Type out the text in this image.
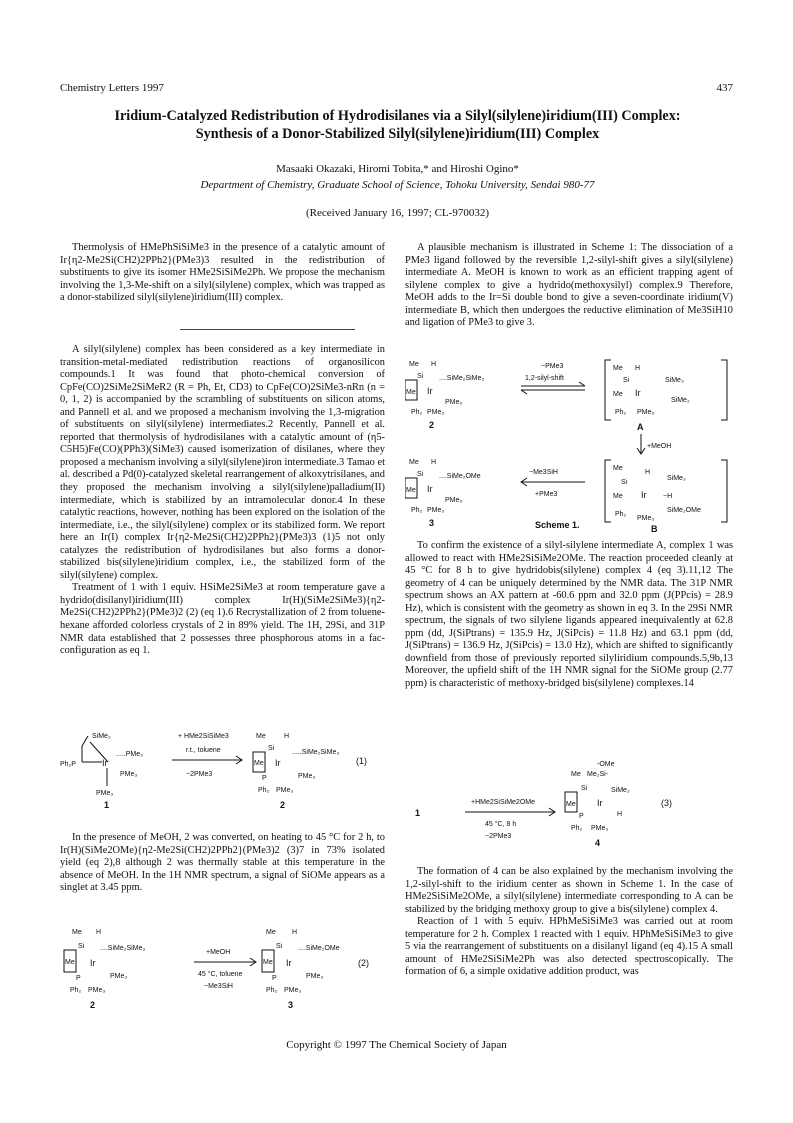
Chemistry Letters 1997	437
Iridium-Catalyzed Redistribution of Hydrodisilanes via a Silyl(silylene)iridium(III) Complex:
Synthesis of a Donor-Stabilized Silyl(silylene)iridium(III) Complex
Masaaki Okazaki, Hiromi Tobita,* and Hiroshi Ogino*
Department of Chemistry, Graduate School of Science, Tohoku University, Sendai 980-77
(Received January 16, 1997; CL-970032)

Thermolysis of HMePhSiSiMe3 in the presence of a catalytic amount of Ir{η2-Me2Si(CH2)2PPh2}(PMe3)3 resulted in the redistribution of substituents to give its isomer HMe2SiSiMe2Ph. We propose the mechanism involving the 1,3-Me-shift on a silyl(silylene) complex, which was trapped as a donor-stabilized silyl(silylene)iridium(III) complex.

A silyl(silylene) complex has been considered as a key intermediate in transition-metal-mediated redistribution reactions of organosilicon compounds.1 It was found that photo-chemical conversion of CpFe(CO)2SiMe2SiMeR2 (R = Ph, Et, CD3) to CpFe(CO)2SiMe3-nRn (n = 0, 1, 2) is accompanied by the scrambling of substituents on silicon atoms, and Pannell et al. and we proposed a mechanism involving the 1,3-migration of substituents on silyl(silylene) intermediates.2 Recently, Pannell et al. reported that thermolysis of hydrodisilanes with a catalytic amount of (η5-C5H5)Fe(CO)(PPh3)(SiMe3) caused isomerization of disilanes, where they proposed a mechanism involving a silyl(silylene)iron intermediate.3 Tamao et al. described a Pd(0)-catalyzed skeletal rearrangement of alkoxytrisilanes, and they proposed the mechanism involving a silyl(silylene)palladium(II) intermediate, which is stabilized by an intramolecular donor.4 In these catalytic reactions, however, nothing has been explored on the isolation of the intermediate, i.e., the silyl(silylene) complex or its stabilized form. We report here an Ir(I) complex Ir{η2-Me2Si(CH2)2PPh2}(PMe3)3 (1)5 not only catalyzes the redistribution of hydrodisilanes but also forms a donor-stabilized bis(silylene)iridium complex, i.e., the stabilized form of the silyl(silylene) complex.

Treatment of 1 with 1 equiv. HSiMe2SiMe3 at room temperature gave a hydrido(disilanyl)iridium(III) complex Ir(H)(SiMe2SiMe3){η2-Me2Si(CH2)2PPh2}(PMe3)2 (2) (eq 1).6 Recrystallization of 2 from toluene-hexane afforded colorless crystals of 2 in 89% yield. The 1H, 29Si, and 31P NMR data established that 2 possesses three phosphorous atoms in a fac-configuration as eq 1.

SiMe₂
Ph₂P	Ir
.....PMe₃
PMe₃
PMe₃
1
+ HMe2SiSiMe3
r.t., toluene
−2PMe3
Me	H
Si
Me Ir
.....SiMe₂SiMe₃
PMe₃
P
Ph₂ PMe₃
2
(1)

In the presence of MeOH, 2 was converted, on heating to 45 °C for 2 h, to Ir(H)(SiMe2OMe){η2-Me2Si(CH2)2PPh2}(PMe3)2 (3)7 in 73% isolated yield (eq 2),8 although 2 was thermally stable at this temperature in the absence of MeOH. In the 1H NMR spectrum, a signal of SiOMe appears as a singlet at 3.45 ppm.

Me H
Si
Me Ir
....SiMe₂SiMe₃
PMe₃
P
Ph₂ PMe₃
2
+MeOH
45 °C, toluene
−Me3SiH
Me H
Si
Me Ir
....SiMe₂OMe
PMe₃
P
Ph₂ PMe₃
3
(2)

A plausible mechanism is illustrated in Scheme 1: The dissociation of a PMe3 ligand followed by the reversible 1,2-silyl-shift gives a silyl(silylene) intermediate A. MeOH is known to work as an efficient trapping agent of silylene complex to give a hydrido(methoxysilyl) complex.9 Therefore, MeOH adds to the Ir=Si double bond to give a seven-coordinate iridium(V) intermediate B, which then undergoes the reductive elimination of Me3SiH10 and ligation of PMe3 to give 3.

Me H
Si
Me Ir
....SiMe₂SiMe₃
PMe₃
Ph₂ PMe₃
2
−PMe3
1,2-silyl-shift
Me H
Si
Me Ir
SiMe₃
SiMe₂
Ph₂ PMe₃
A
+MeOH
Me
H
Si
Me Ir
SiMe₃
−H
SiMe₂OMe
Ph₂
PMe₃
B
−Me3SiH
+PMe3
Me H
Si
Me Ir
....SiMe₂OMe
PMe₃
Ph₂ PMe₃
3	Scheme 1.

To confirm the existence of a silyl-silylene intermediate A, complex 1 was allowed to react with HMe2SiSiMe2OMe. The reaction proceeded cleanly at 45 °C for 8 h to give hydridobis(silylene) complex 4 (eq 3).11,12 The geometry of 4 can be uniquely determined by the NMR data. The 31P NMR spectrum shows an AX pattern at -60.6 ppm and 32.0 ppm (J(PPcis) = 28.9 Hz), which is consistent with the geometry as shown in eq 3. In the 29Si NMR spectrum, the signals of two silylene ligands appeared inequivalently at 62.8 ppm (dd, J(SiPtrans) = 135.9 Hz, J(SiPcis) = 11.8 Hz) and 63.1 ppm (dd, J(SiPtrans) = 136.9 Hz, J(SiPcis) = 13.0 Hz), which are shifted to significantly downfield from those of previously reported silyliridium compounds.5,9b,13 Moreover, the upfield shift of the 1H NMR signal for the SiOMe group (2.77 ppm) is characteristic of methoxy-bridged bis(silylene) complexes.14

1
+HMe2SiSiMe2OMe
45 °C, 8 h
−2PMe3
-OMe
Me Me₂Si-
Si
Me Ir
SiMe₂
H
P
Ph₂ PMe₃
4
(3)

The formation of 4 can be also explained by the mechanism involving the 1,2-silyl-shift to the iridium center as shown in Scheme 1. In the case of HMe2SiSiMe2OMe, a silyl(silylene) intermediate corresponding to A can be stabilized by the bridging methoxy group to give a bis(silylene) complex 4.

Reaction of 1 with 5 equiv. HPhMeSiSiMe3 was carried out at room temperature for 2 h. Complex 1 reacted with 1 equiv. HPhMeSiSiMe3 to give 5 via the rearrangement of substituents on a disilanyl ligand (eq 4).15 A small amount of HMe2SiSiMe2Ph was also detected spectroscopically. The formation of 6, a simple oxidative addition product, was

Copyright © 1997 The Chemical Society of Japan
